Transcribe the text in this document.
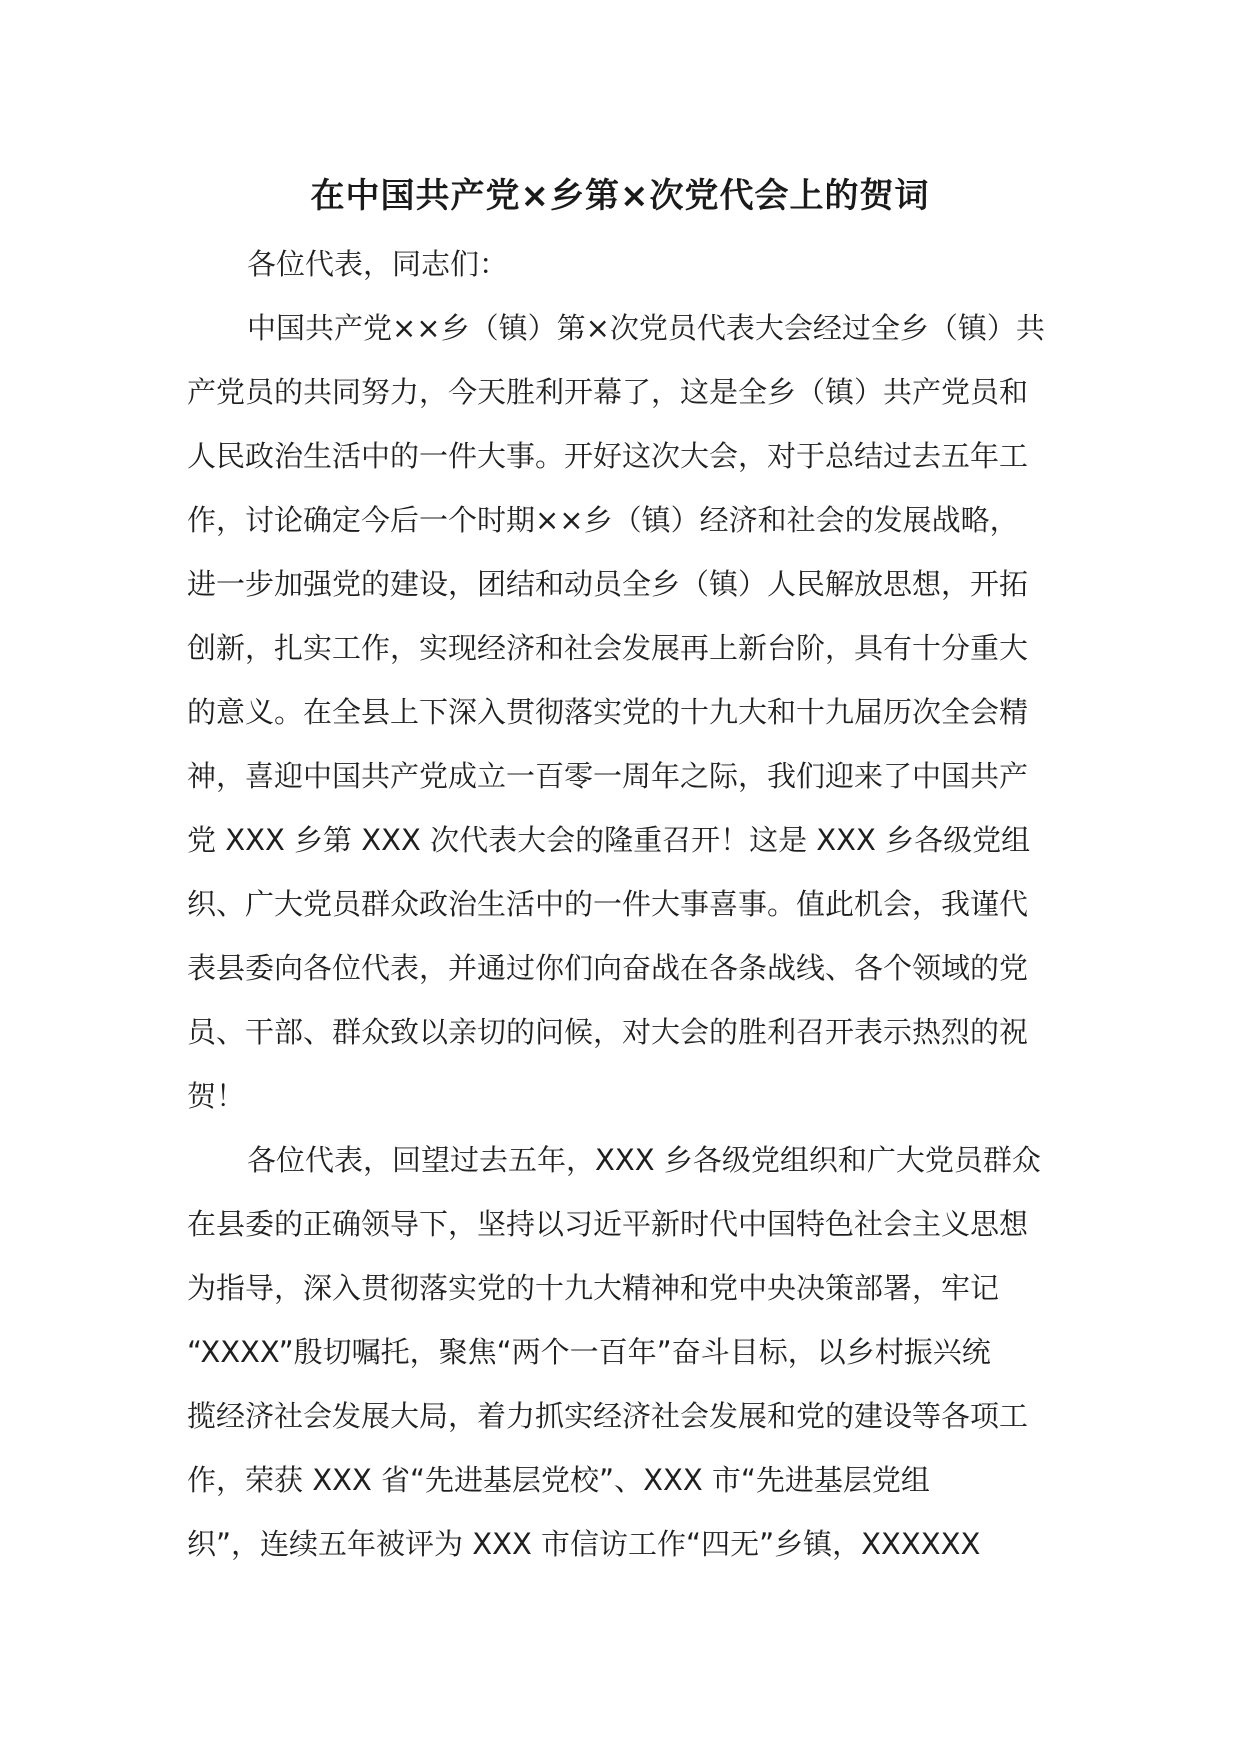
在中国共产党×乡第×次党代会上的贺词
各位代表，同志们：
中国共产党××乡（镇）第×次党员代表大会经过全乡（镇）共
产党员的共同努力，今天胜利开幕了，这是全乡（镇）共产党员和
人民政治生活中的一件大事。开好这次大会，对于总结过去五年工
作，讨论确定今后一个时期××乡（镇）经济和社会的发展战略，
进一步加强党的建设，团结和动员全乡（镇）人民解放思想，开拓
创新，扎实工作，实现经济和社会发展再上新台阶，具有十分重大
的意义。在全县上下深入贯彻落实党的十九大和十九届历次全会精
神，喜迎中国共产党成立一百零一周年之际，我们迎来了中国共产
党 XXX 乡第 XXX 次代表大会的隆重召开！这是 XXX 乡各级党组
织、广大党员群众政治生活中的一件大事喜事。值此机会，我谨代
表县委向各位代表，并通过你们向奋战在各条战线、各个领域的党
员、干部、群众致以亲切的问候，对大会的胜利召开表示热烈的祝
贺！
各位代表，回望过去五年，XXX 乡各级党组织和广大党员群众
在县委的正确领导下，坚持以习近平新时代中国特色社会主义思想
为指导，深入贯彻落实党的十九大精神和党中央决策部署，牢记
“XXXX”殷切嘱托，聚焦“两个一百年”奋斗目标，以乡村振兴统
揽经济社会发展大局，着力抓实经济社会发展和党的建设等各项工
作，荣获 XXX 省“先进基层党校”、XXX 市“先进基层党组
织”，连续五年被评为 XXX 市信访工作“四无”乡镇，XXXXXX
